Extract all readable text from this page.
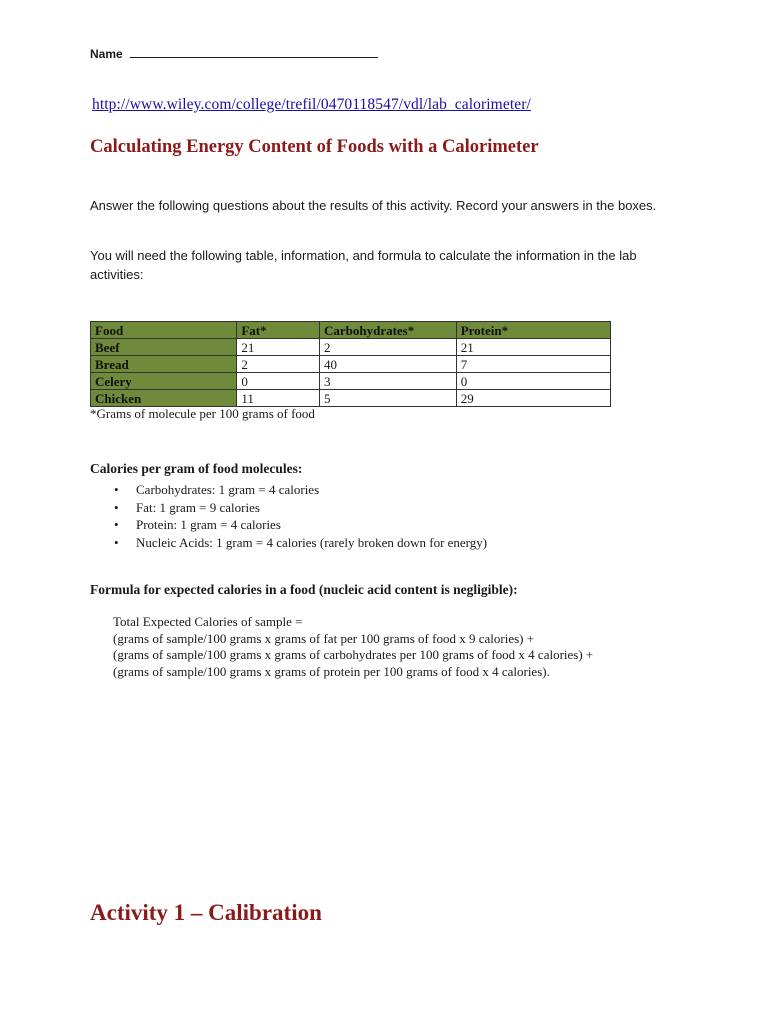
Name
http://www.wiley.com/college/trefil/0470118547/vdl/lab_calorimeter/
Calculating Energy Content of Foods with a Calorimeter
Answer the following questions about the results of this activity. Record your answers in the boxes.
You will need the following table, information, and formula to calculate the information in the lab activities:
Food	Fat*	Carbohydrates*	Protein*
Beef	21	2	21
Bread	2	40	7
Celery	0	3	0
Chicken	11	5	29
*Grams of molecule per 100 grams of food
Calories per gram of food molecules:
• Carbohydrates: 1 gram = 4 calories
• Fat: 1 gram = 9 calories
• Protein: 1 gram = 4 calories
• Nucleic Acids: 1 gram = 4 calories (rarely broken down for energy)
Formula for expected calories in a food (nucleic acid content is negligible):
Total Expected Calories of sample =
(grams of sample/100 grams x grams of fat per 100 grams of food x 9 calories) +
(grams of sample/100 grams x grams of carbohydrates per 100 grams of food x 4 calories) +
(grams of sample/100 grams x grams of protein per 100 grams of food x 4 calories).
Activity 1 – Calibration
